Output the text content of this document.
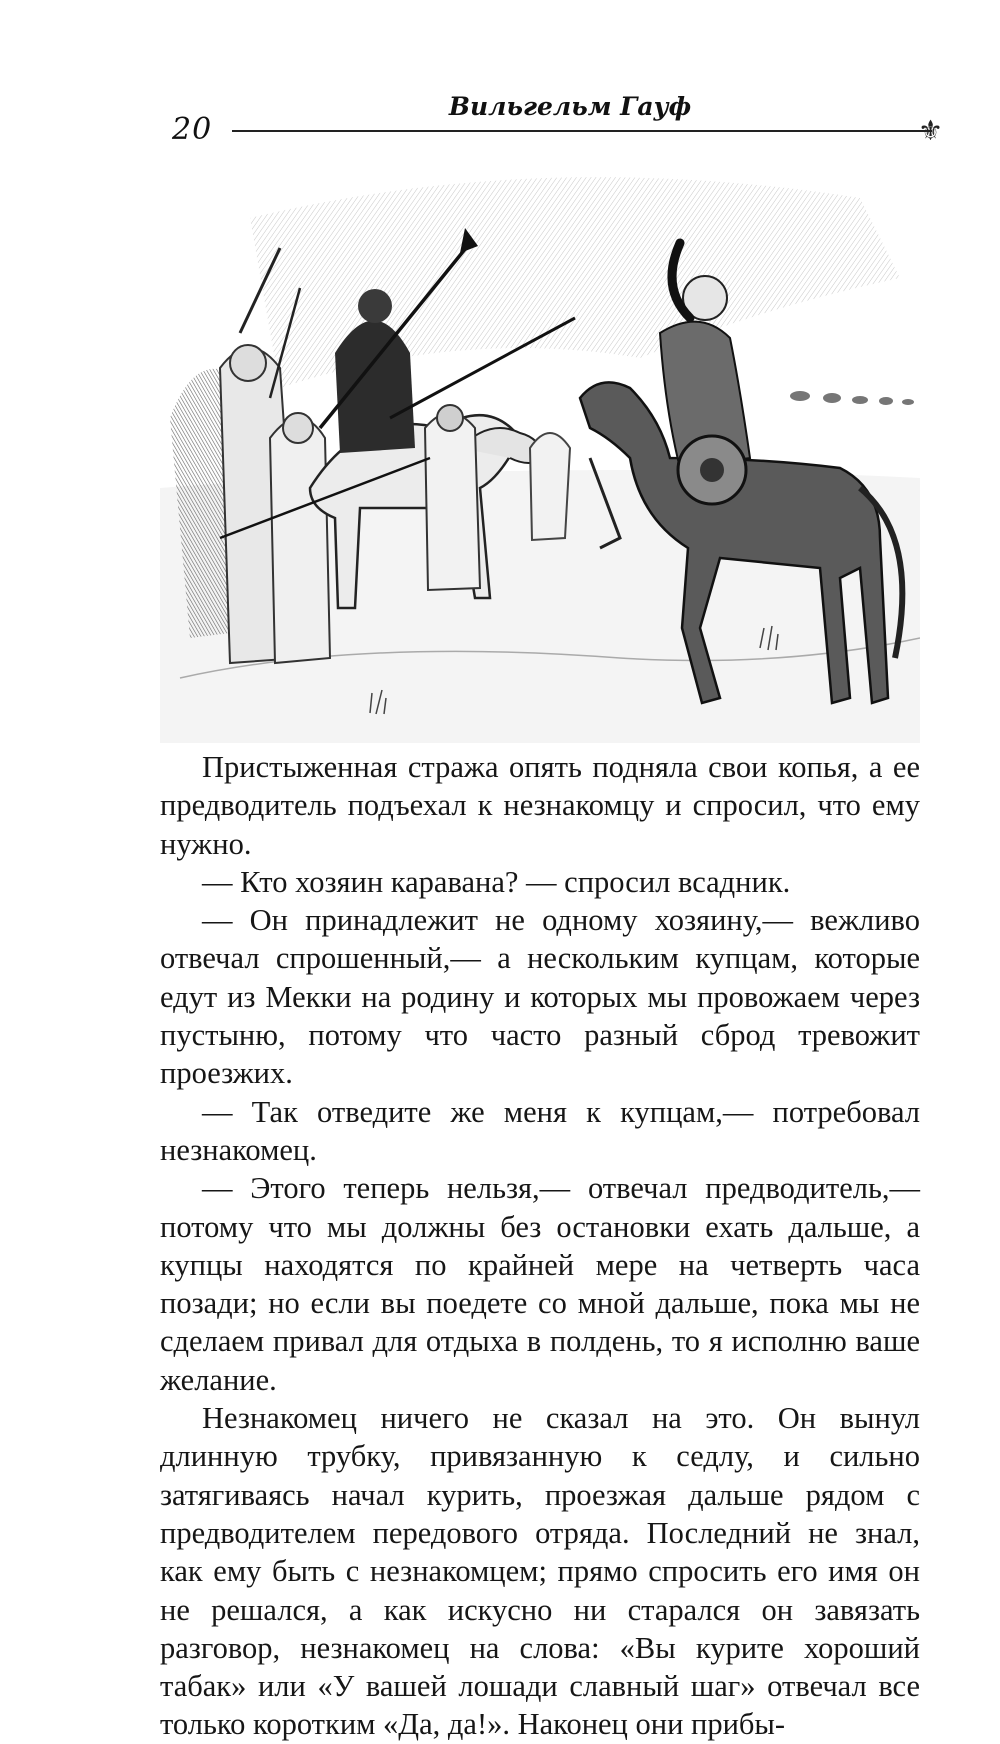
20
Вильгельм Гауф
⚜

Пристыженная стража опять подняла свои копья, а ее предводитель подъехал к незнакомцу и спросил, что ему нужно.

— Кто хозяин каравана? — спросил всадник.

— Он принадлежит не одному хозяину,— вежливо отвечал спрошенный,— а нескольким купцам, которые едут из Мекки на родину и которых мы провожаем через пустыню, потому что часто разный сброд тревожит проезжих.

— Так отведите же меня к купцам,— потребовал незнакомец.

— Этого теперь нельзя,— отвечал предводитель,— потому что мы должны без остановки ехать дальше, а купцы находятся по крайней мере на четверть часа позади; но если вы поедете со мной дальше, пока мы не сделаем привал для отдыха в полдень, то я исполню ваше желание.

Незнакомец ничего не сказал на это. Он вынул длинную трубку, привязанную к седлу, и сильно затягиваясь начал курить, проезжая дальше рядом с предводителем передового отряда. Последний не знал, как ему быть с незнакомцем; прямо спросить его имя он не решался, а как искусно ни старался он завязать разговор, незнакомец на слова: «Вы курите хороший табак» или «У вашей лошади славный шаг» отвечал все только коротким «Да, да!». Наконец они прибы-
